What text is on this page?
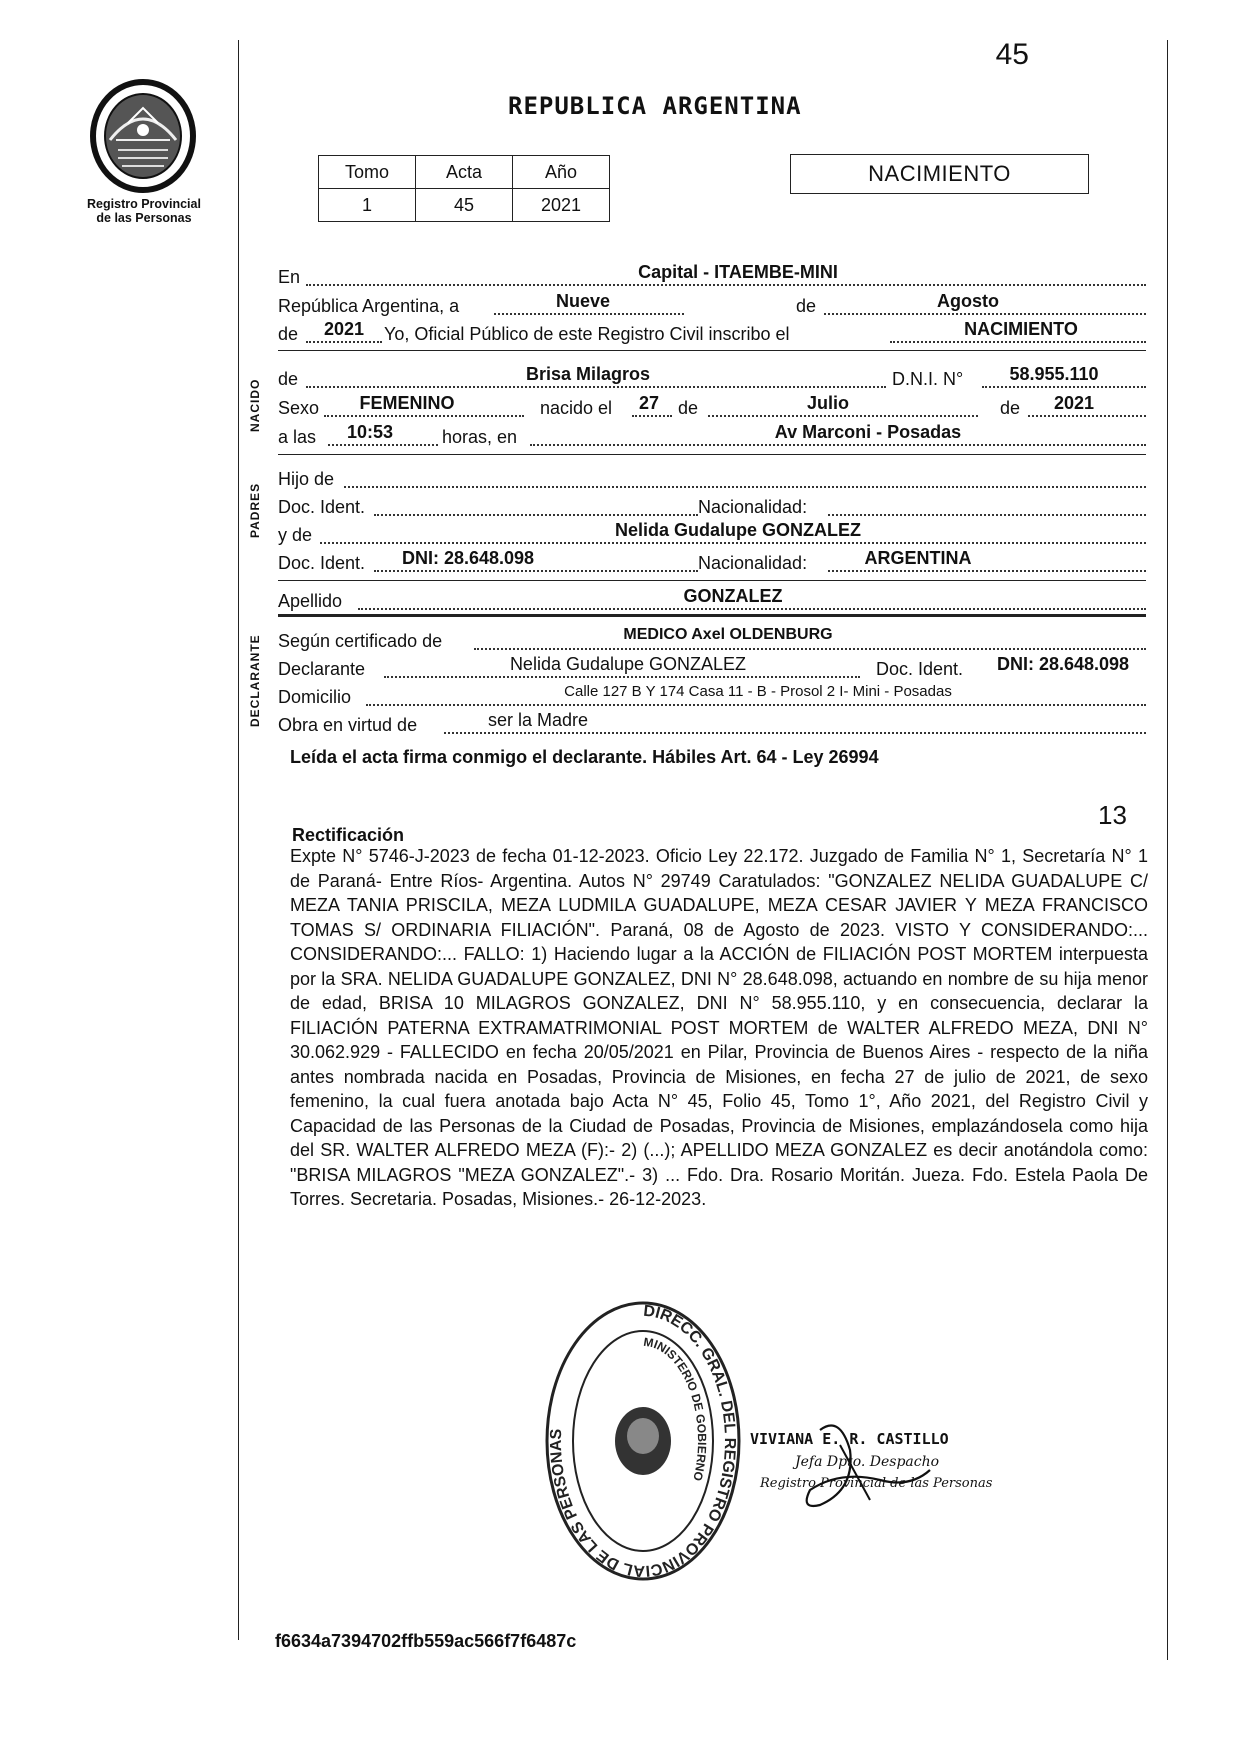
45
Registro Provincial
de las Personas
REPUBLICA ARGENTINA
Tomo	Acta	Año
1	45	2021
NACIMIENTO
NACIDO
PADRES
DECLARANTE
En	Capital - ITAEMBE-MINI
República Argentina, a	Nueve	de	Agosto
de	2021	Yo, Oficial Público de este Registro Civil inscribo el	NACIMIENTO
de	Brisa Milagros	D.N.I. N°	58.955.110
Sexo	FEMENINO	nacido el 27 de	Julio	de	2021
a las	10:53	horas, en	Av Marconi - Posadas
Hijo de
Doc. Ident.	Nacionalidad:
y de	Nelida Gudalupe GONZALEZ
Doc. Ident.	DNI: 28.648.098	Nacionalidad:	ARGENTINA
Apellido	GONZALEZ
Según certificado de	MEDICO Axel OLDENBURG
Declarante	Nelida Gudalupe GONZALEZ	Doc. Ident.	DNI: 28.648.098
Domicilio	Calle 127 B Y 174 Casa 11 - B - Prosol 2 I- Mini - Posadas
Obra en virtud de	ser la Madre
Leída el acta firma conmigo el declarante. Hábiles Art. 64 - Ley 26994
13
Rectificación
Expte N° 5746-J-2023 de fecha 01-12-2023. Oficio Ley 22.172. Juzgado de Familia N° 1, Secretaría N° 1 de Paraná- Entre Ríos- Argentina. Autos N° 29749 Caratulados: "GONZALEZ NELIDA GUADALUPE C/ MEZA TANIA PRISCILA, MEZA LUDMILA GUADALUPE, MEZA CESAR JAVIER Y MEZA FRANCISCO TOMAS S/ ORDINARIA FILIACIÓN". Paraná, 08 de Agosto de 2023. VISTO Y CONSIDERANDO:... CONSIDERANDO:... FALLO: 1) Haciendo lugar a la ACCIÓN de FILIACIÓN POST MORTEM interpuesta por la SRA. NELIDA GUADALUPE GONZALEZ, DNI N° 28.648.098, actuando en nombre de su hija menor de edad, BRISA 10 MILAGROS GONZALEZ, DNI N° 58.955.110, y en consecuencia, declarar la FILIACIÓN PATERNA EXTRAMATRIMONIAL POST MORTEM de WALTER ALFREDO MEZA, DNI N° 30.062.929 - FALLECIDO en fecha 20/05/2021 en Pilar, Provincia de Buenos Aires - respecto de la niña antes nombrada nacida en Posadas, Provincia de Misiones, en fecha 27 de julio de 2021, de sexo femenino, la cual fuera anotada bajo Acta N° 45, Folio 45, Tomo 1°, Año 2021, del Registro Civil y Capacidad de las Personas de la Ciudad de Posadas, Provincia de Misiones, emplazándosela como hija del SR. WALTER ALFREDO MEZA (F):- 2) (...); APELLIDO MEZA GONZALEZ es decir anotándola como: "BRISA MILAGROS "MEZA GONZALEZ".- 3) ... Fdo. Dra. Rosario Moritán. Jueza. Fdo. Estela Paola De Torres. Secretaria. Posadas, Misiones.- 26-12-2023.
DIRECC. GRAL. DEL REGISTRO PROVINCIAL DE LAS PERSONAS
MINISTERIO DE GOBIERNO
VIVIANA E. R. CASTILLO
Jefa Dpto. Despacho
Registro Provincial de las Personas
f6634a7394702ffb559ac566f7f6487c
